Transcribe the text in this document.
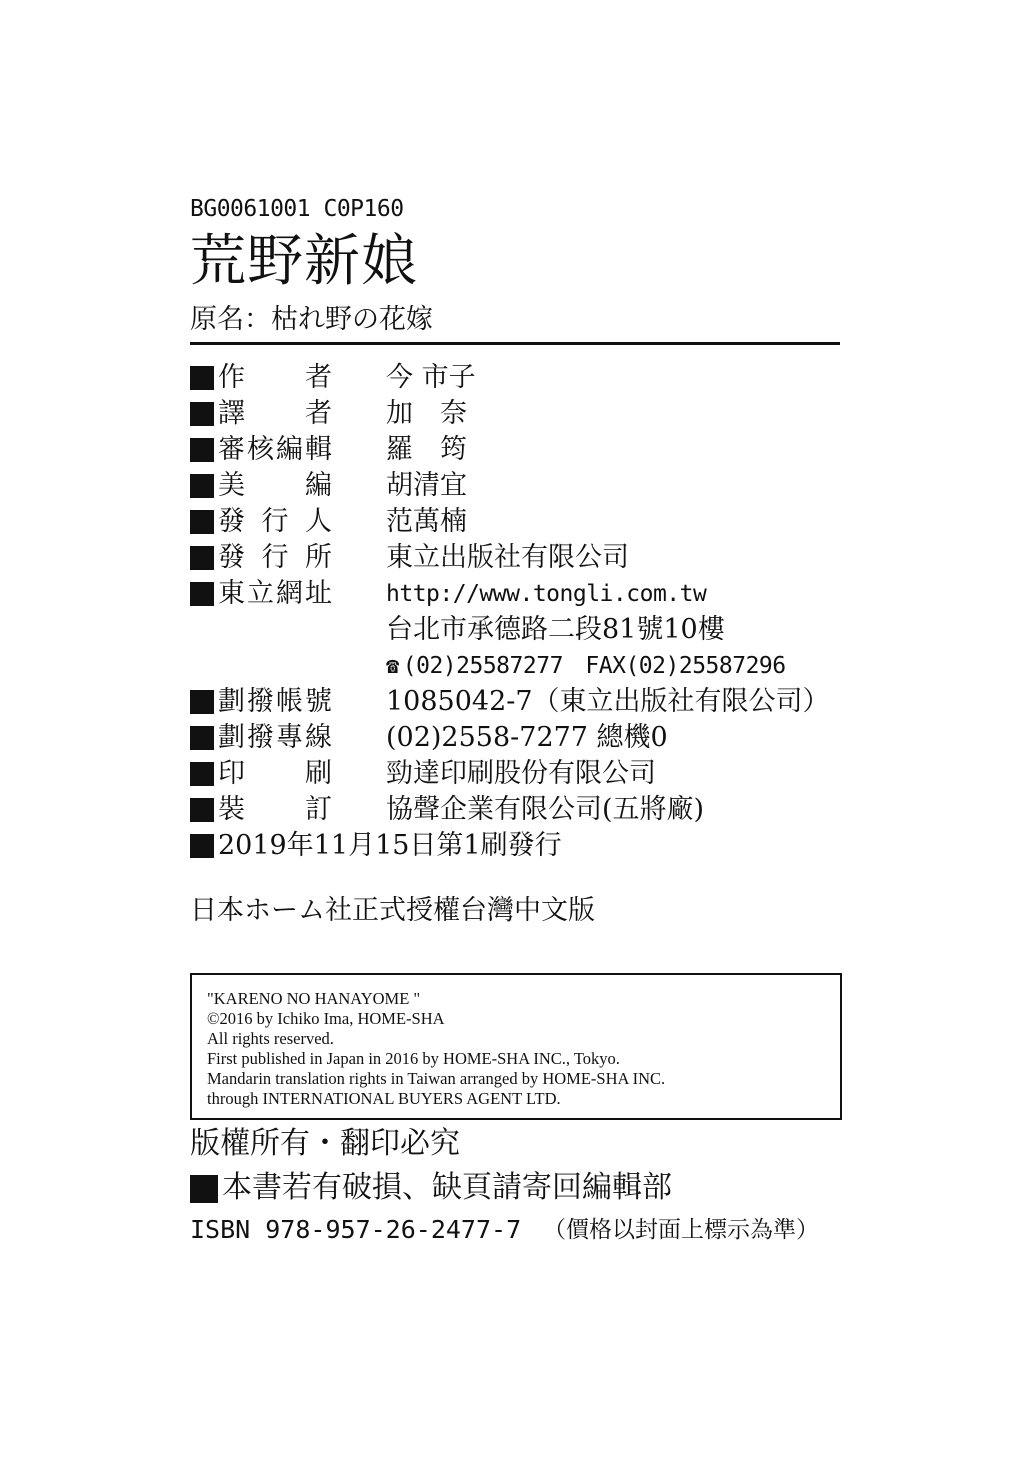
BG0061001 C0P160
荒野新娘
原名：枯れ野の花嫁
作　者 今 市子
譯　者 加　奈
審核編輯 羅　筠
美　編 胡清宜
發行人 范萬楠
發行所 東立出版社有限公司
東立網址 http://www.tongli.com.tw
台北市承德路二段81號10樓
☎ (02)25587277　FAX(02)25587296
劃撥帳號 1085042-7（東立出版社有限公司）
劃撥專線 (02)2558-7277 總機0
印　刷 勁達印刷股份有限公司
裝　訂 協聲企業有限公司(五將廠)
2019年11月15日第1刷發行
日本ホーム社正式授權台灣中文版
"KARENO NO HANAYOME "
©2016 by Ichiko Ima, HOME-SHA
All rights reserved.
First published in Japan in 2016 by HOME-SHA INC., Tokyo.
Mandarin translation rights in Taiwan arranged by HOME-SHA INC.
through INTERNATIONAL BUYERS AGENT LTD.
版權所有・翻印必究
本書若有破損、缺頁請寄回編輯部
ISBN 978-957-26-2477-7 （價格以封面上標示為準）
